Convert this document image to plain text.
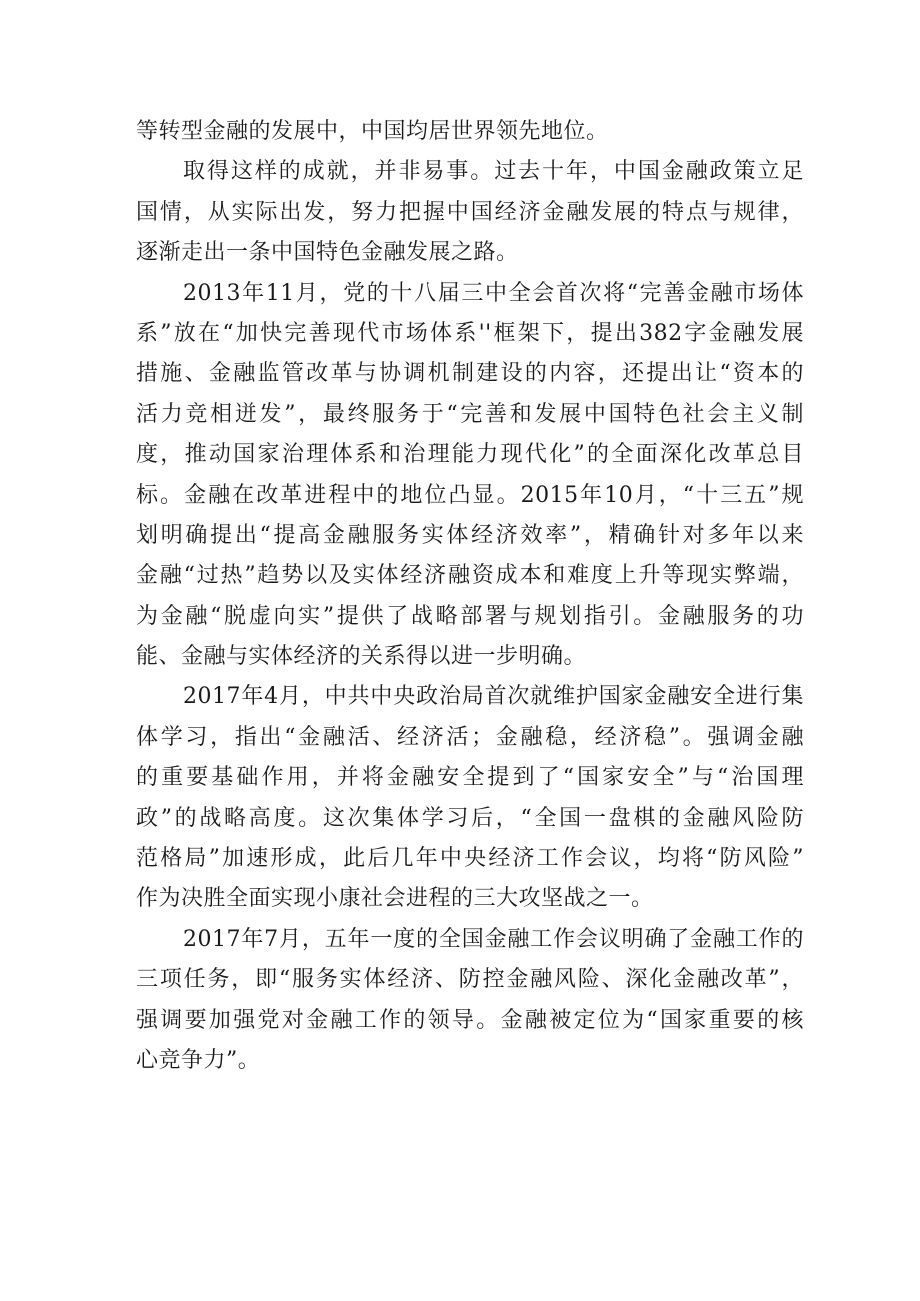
等转型金融的发展中，中国均居世界领先地位。
取得这样的成就，并非易事。过去十年，中国金融政策立足
国情，从实际出发，努力把握中国经济金融发展的特点与规律，
逐渐走出一条中国特色金融发展之路。
2013年11月，党的十八届三中全会首次将“完善金融市场体
系”放在“加快完善现代市场体系''框架下，提出382字金融发展
措施、金融监管改革与协调机制建设的内容，还提出让“资本的
活力竞相迸发”，最终服务于“完善和发展中国特色社会主义制
度，推动国家治理体系和治理能力现代化”的全面深化改革总目
标。金融在改革进程中的地位凸显。2015年10月，“十三五”规
划明确提出“提高金融服务实体经济效率”，精确针对多年以来
金融“过热”趋势以及实体经济融资成本和难度上升等现实弊端，
为金融“脱虚向实”提供了战略部署与规划指引。金融服务的功
能、金融与实体经济的关系得以进一步明确。
2017年4月，中共中央政治局首次就维护国家金融安全进行集
体学习，指出“金融活、经济活；金融稳，经济稳”。强调金融
的重要基础作用，并将金融安全提到了“国家安全”与“治国理
政”的战略高度。这次集体学习后，“全国一盘棋的金融风险防
范格局”加速形成，此后几年中央经济工作会议，均将“防风险”
作为决胜全面实现小康社会进程的三大攻坚战之一。
2017年7月，五年一度的全国金融工作会议明确了金融工作的
三项任务，即“服务实体经济、防控金融风险、深化金融改革”，
强调要加强党对金融工作的领导。金融被定位为“国家重要的核
心竞争力”。
